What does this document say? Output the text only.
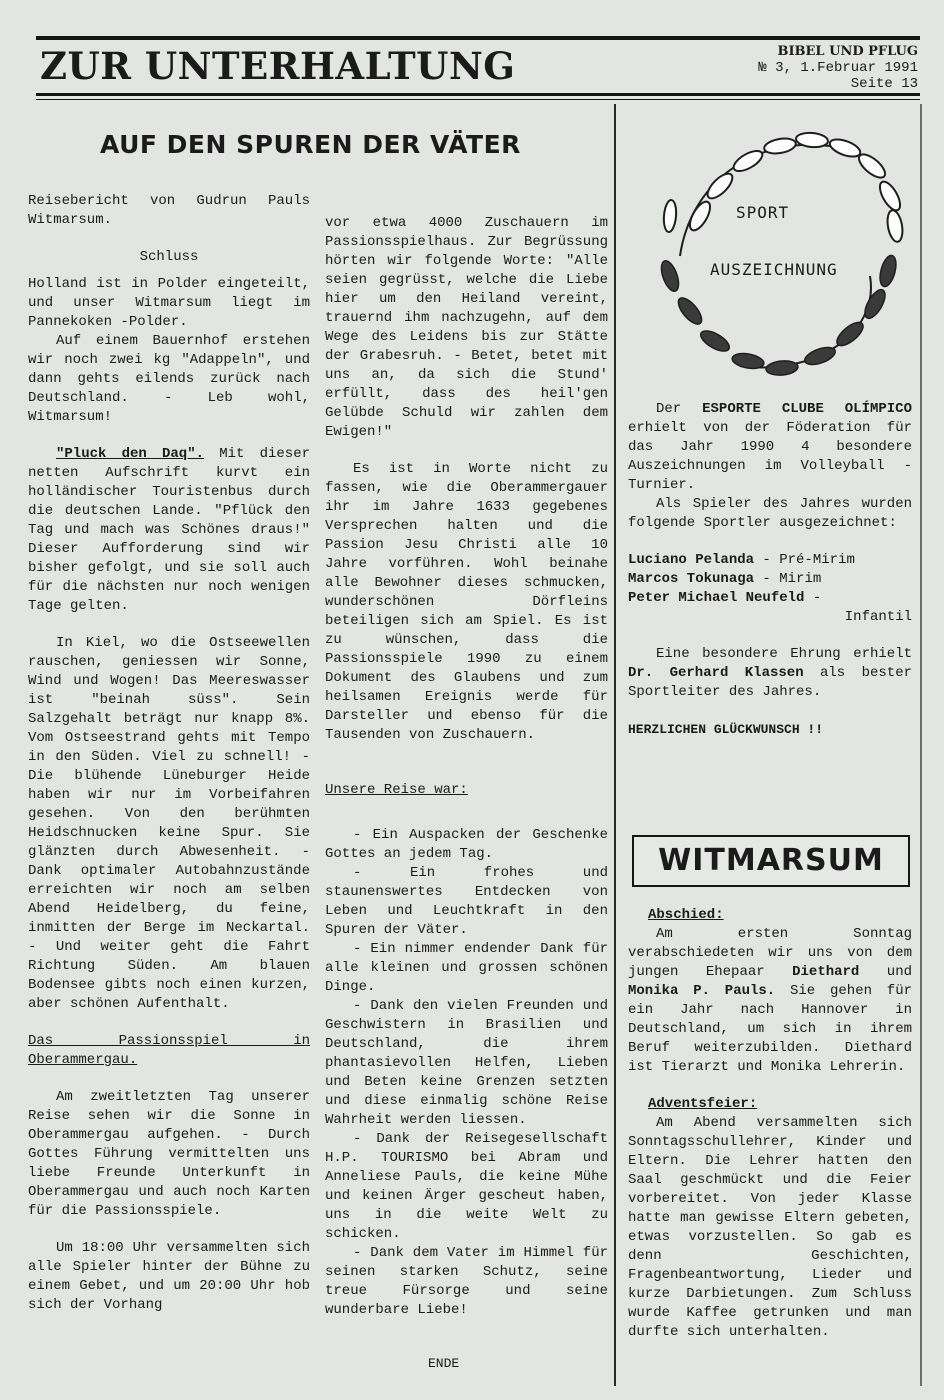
ZUR UNTERHALTUNG	BIBEL UND PFLUG
№ 3, 1.Februar 1991
Seite 13
AUF DEN SPUREN DER VÄTER

Reisebericht von Gudrun Pauls Witmarsum.

Schluss

Holland ist in Polder eingeteilt, und unser Witmarsum liegt im Pannekoken -Polder.

Auf einem Bauernhof erstehen wir noch zwei kg "Adappeln", und dann gehts eilends zurück nach Deutschland. - Leb wohl, Witmarsum!

"Pluck den Daq". Mit dieser netten Aufschrift kurvt ein holländischer Touristenbus durch die deutschen Lande. "Pflück den Tag und mach was Schönes draus!" Dieser Aufforderung sind wir bisher gefolgt, und sie soll auch für die nächsten nur noch wenigen Tage gelten.

In Kiel, wo die Ostseewellen rauschen, geniessen wir Sonne, Wind und Wogen! Das Meereswasser ist "beinah süss". Sein Salzgehalt beträgt nur knapp 8%. Vom Ostseestrand gehts mit Tempo in den Süden. Viel zu schnell! - Die blühende Lüneburger Heide haben wir nur im Vorbeifahren gesehen. Von den berühmten Heidschnucken keine Spur. Sie glänzten durch Abwesenheit. - Dank optimaler Autobahnzustände erreichten wir noch am selben Abend Heidelberg, du feine, inmitten der Berge im Neckartal. - Und weiter geht die Fahrt Richtung Süden. Am blauen Bodensee gibts noch einen kurzen, aber schönen Aufenthalt.

Das Passionsspiel in Oberammergau.

Am zweitletzten Tag unserer Reise sehen wir die Sonne in Oberammergau aufgehen. - Durch Gottes Führung vermittelten uns liebe Freunde Unterkunft in Oberammergau und auch noch Karten für die Passionsspiele.

Um 18:00 Uhr versammelten sich alle Spieler hinter der Bühne zu einem Gebet, und um 20:00 Uhr hob sich der Vorhang

vor etwa 4000 Zuschauern im Passionsspielhaus. Zur Begrüssung hörten wir folgende Worte: "Alle seien gegrüsst, welche die Liebe hier um den Heiland vereint, trauernd ihm nachzugehn, auf dem Wege des Leidens bis zur Stätte der Grabesruh. - Betet, betet mit uns an, da sich die Stund' erfüllt, dass des heil'gen Gelübde Schuld wir zahlen dem Ewigen!"

Es ist in Worte nicht zu fassen, wie die Oberammergauer ihr im Jahre 1633 gegebenes Versprechen halten und die Passion Jesu Christi alle 10 Jahre vorführen. Wohl beinahe alle Bewohner dieses schmucken, wunderschönen Dörfleins beteiligen sich am Spiel. Es ist zu wünschen, dass die Passionsspiele 1990 zu einem Dokument des Glaubens und zum heilsamen Ereignis werde für Darsteller und ebenso für die Tausenden von Zuschauern.

Unsere Reise war:

- Ein Auspacken der Geschenke Gottes an jedem Tag.

- Ein frohes und staunenswertes Entdecken von Leben und Leuchtkraft in den Spuren der Väter.

- Ein nimmer endender Dank für alle kleinen und grossen schönen Dinge.

- Dank den vielen Freunden und Geschwistern in Brasilien und Deutschland, die ihrem phantasievollen Helfen, Lieben und Beten keine Grenzen setzten und diese einmalig schöne Reise Wahrheit werden liessen.

- Dank der Reisegesellschaft H.P. TOURISMO bei Abram und Anneliese Pauls, die keine Mühe und keinen Ärger gescheut haben, uns in die weite Welt zu schicken.

- Dank dem Vater im Himmel für seinen starken Schutz, seine treue Fürsorge und seine wunderbare Liebe!

ENDE
SPORT
AUSZEICHNUNG

Der ESPORTE CLUBE OLÍMPICO erhielt von der Föderation für das Jahr 1990 4 besondere Auszeichnungen im Volleyball - Turnier.

Als Spieler des Jahres wurden folgende Sportler ausgezeichnet:

Luciano Pelanda - Pré-Mirim

Marcos Tokunaga - Mirim

Peter Michael Neufeld -

Infantil

Eine besondere Ehrung erhielt Dr. Gerhard Klassen als bester Sportleiter des Jahres.

HERZLICHEN GLÜCKWUNSCH !!

WITMARSUM

Abschied:

Am ersten Sonntag verabschiedeten wir uns von dem jungen Ehepaar Diethard und Monika P. Pauls. Sie gehen für ein Jahr nach Hannover in Deutschland, um sich in ihrem Beruf weiterzubilden. Diethard ist Tierarzt und Monika Lehrerin.

Adventsfeier:

Am Abend versammelten sich Sonntagsschullehrer, Kinder und Eltern. Die Lehrer hatten den Saal geschmückt und die Feier vorbereitet. Von jeder Klasse hatte man gewisse Eltern gebeten, etwas vorzustellen. So gab es denn Geschichten, Fragenbeantwortung, Lieder und kurze Darbietungen. Zum Schluss wurde Kaffee getrunken und man durfte sich unterhalten.
